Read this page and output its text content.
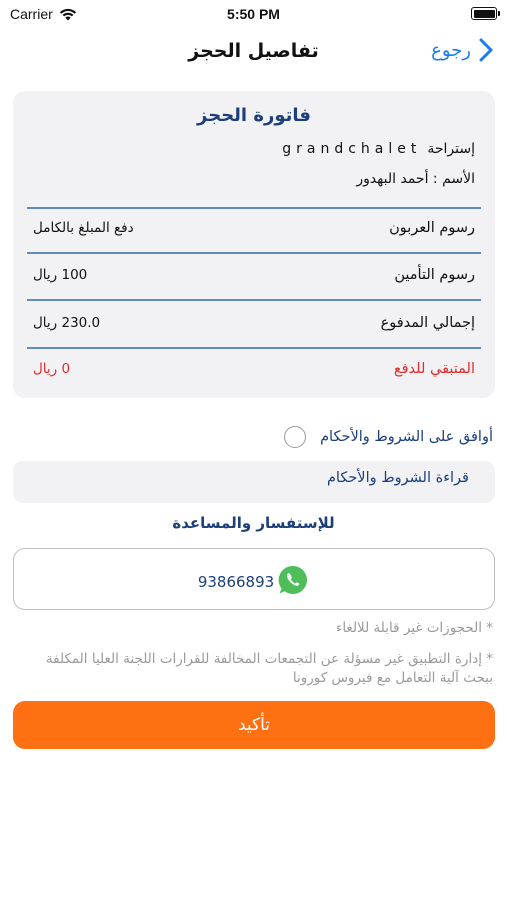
Carrier	5:50 PM
تفاصيل الحجز	رجوع
فاتورة الحجز
إستراحة
grandchalet
الأسم : أحمد البهدور
دفع المبلغ بالكامل	رسوم العربون
100 ريال	رسوم التأمين
230.0 ريال	إجمالي المدفوع
0 ريال	المتبقي للدفع
أوافق على الشروط والأحكام
قراءة الشروط والأحكام
للإستفسار والمساعدة
93866893
* الحجوزات غير قابلة للالغاء
* إدارة التطبيق غير مسؤلة عن التجمعات المخالفة للقرارات اللجنة العليا المكلفة ببحث آلية التعامل مع فيروس كورونا
تأكيد
